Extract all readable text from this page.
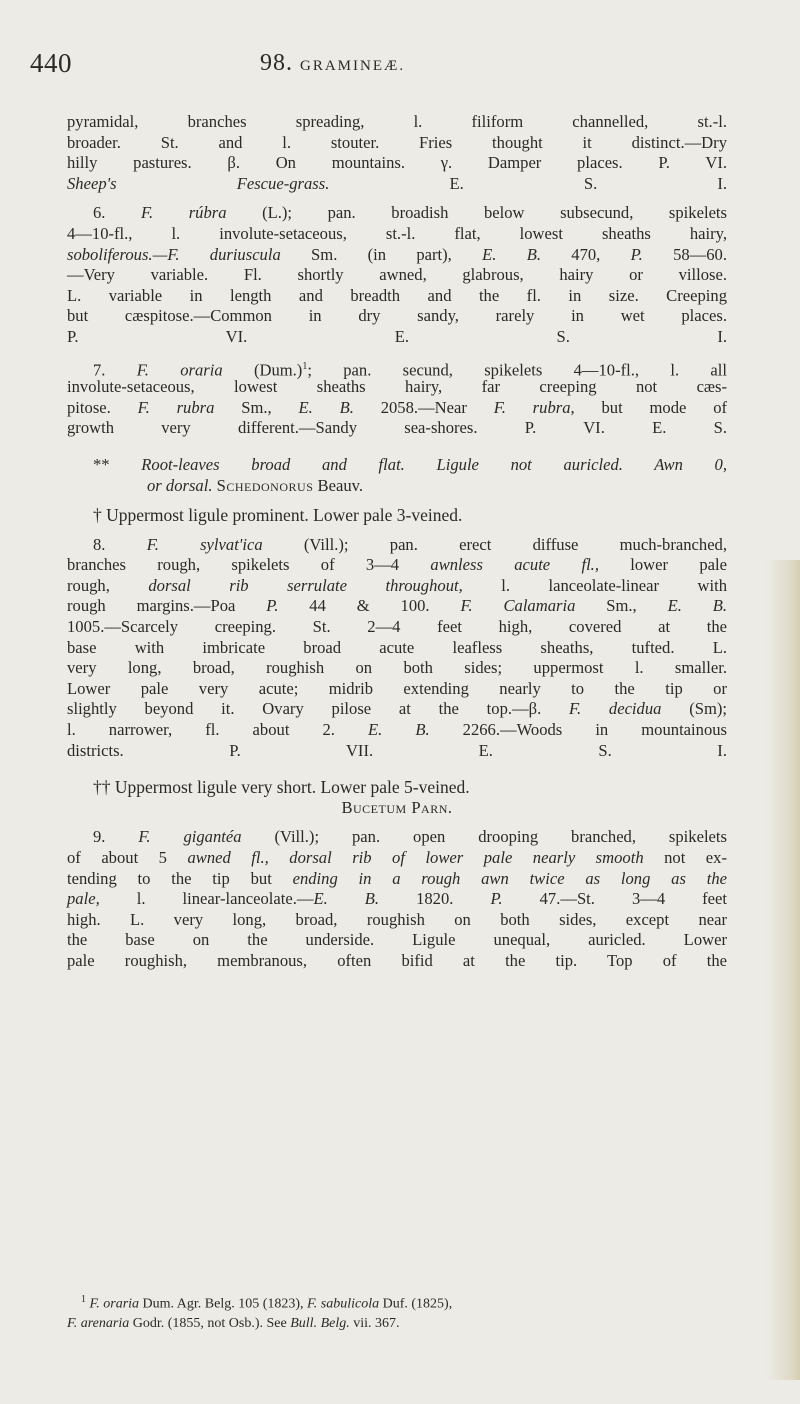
440	98. GRAMINEÆ.
pyramidal, branches spreading, l. filiform channelled, st.-l.
broader. St. and l. stouter. Fries thought it distinct.—Dry
hilly pastures. β. On mountains. γ. Damper places. P. VI.
Sheep's Fescue-grass.	E. S. I.
6. F. rúbra (L.); pan. broadish below subsecund, spikelets
4—10-fl., l. involute-setaceous, st.-l. flat, lowest sheaths hairy,
soboliferous.—F. duriuscula Sm. (in part), E. B. 470, P. 58—60.
—Very variable. Fl. shortly awned, glabrous, hairy or villose.
L. variable in length and breadth and the fl. in size. Creeping
but cæspitose.—Common in dry sandy, rarely in wet places.
P. VI.	E. S. I.
7. F. oraria $(Dum.)^1$; pan. secund, spikelets 4—10-fl., l. all
involute-setaceous, lowest sheaths hairy, far creeping not cæs-
pitose. F. rubra Sm., E. B. 2058.—Near F. rubra, but mode of
growth very different.—Sandy sea-shores. P. VI.	E. S.
** Root-leaves broad and flat. Ligule not auricled. Awn 0,
or dorsal. Schedonorus Beauv.
† Uppermost ligule prominent. Lower pale 3-veined.
8. F. sylvat'ica (Vill.); pan. erect diffuse much-branched,
branches rough, spikelets of 3—4 awnless acute fl., lower pale
rough, dorsal rib serrulate throughout, l. lanceolate-linear with
rough margins.—Poa P. 44 & 100. F. Calamaria Sm., E. B.
1005.—Scarcely creeping. St. 2—4 feet high, covered at the
base with imbricate broad acute leafless sheaths, tufted. L.
very long, broad, roughish on both sides; uppermost l. smaller.
Lower pale very acute; midrib extending nearly to the tip or
slightly beyond it. Ovary pilose at the top.—β. F. decidua (Sm);
l. narrower, fl. about 2. E. B. 2266.—Woods in mountainous
districts. P. VII.	E. S. I.
†† Uppermost ligule very short. Lower pale 5-veined.
Bucetum Parn.
9. F. gigantéa (Vill.); pan. open drooping branched, spikelets
of about 5 awned fl., dorsal rib of lower pale nearly smooth not ex-
tending to the tip but ending in a rough awn twice as long as the
pale, l. linear-lanceolate.—E. B. 1820. P. 47.—St. 3—4 feet
high. L. very long, broad, roughish on both sides, except near
the base on the underside. Ligule unequal, auricled. Lower
pale roughish, membranous, often bifid at the tip. Top of the
$^1$ F. oraria Dum. Agr. Belg. 105 (1823), F. sabulicola Duf. (1825),
F. arenaria Godr. (1855, not Osb.). See Bull. Belg. vii. 367.
